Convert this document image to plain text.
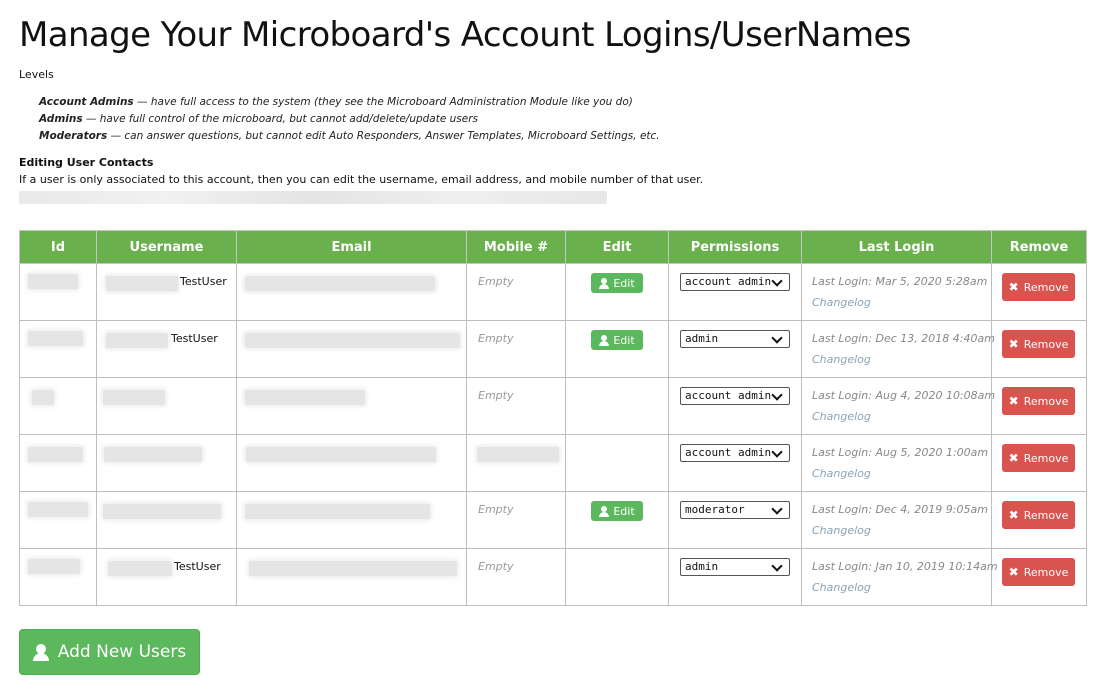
Manage Your Microboard's Account Logins/UserNames
Levels
Account Admins — have full access to the system (they see the Microboard Administration Module like you do)
Admins — have full control of the microboard, but cannot add/delete/update users
Moderators — can answer questions, but cannot edit Auto Responders, Answer Templates, Microboard Settings, etc.
Editing User Contacts
If a user is only associated to this account, then you can edit the username, email address, and mobile number of that user.
Id	Username	Email	Mobile #	Edit	Permissions	Last Login	Remove

	TestUser		Empty	Edit	account admin	Last Login: Mar 5, 2020 5:28am
Changelog	✖ Remove

	TestUser		Empty	Edit	admin	Last Login: Dec 13, 2018 4:40am
Changelog	✖ Remove

			Empty		account admin	Last Login: Aug 4, 2020 10:08am
Changelog	✖ Remove

					account admin	Last Login: Aug 5, 2020 1:00am
Changelog	✖ Remove

			Empty	Edit	moderator	Last Login: Dec 4, 2019 9:05am
Changelog	✖ Remove

	TestUser		Empty		admin	Last Login: Jan 10, 2019 10:14am
Changelog	✖ Remove
Add New Users
